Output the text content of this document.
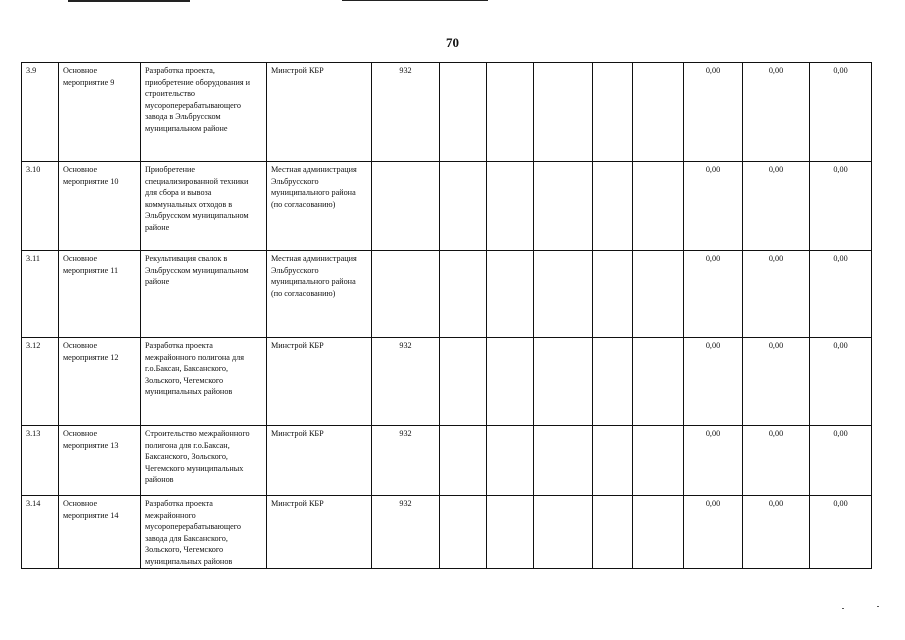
70
3.9	Основное мероприятие 9	Разработка проекта, приобретение оборудования и строительство мусороперерабатывающего завода в Эльбрусском муниципальном районе	Минстрой КБР	932						0,00	0,00	0,00
3.10	Основное мероприятие 10	Приобретение специализированной техники для сбора и вывоза коммунальных отходов в Эльбрусском муниципальном районе	Местная администрация Эльбрусского муниципального района (по согласованию)							0,00	0,00	0,00
3.11	Основное мероприятие 11	Рекультивация свалок в Эльбрусском муниципальном районе	Местная администрация Эльбрусского муниципального района (по согласованию)							0,00	0,00	0,00
3.12	Основное мероприятие 12	Разработка проекта межрайонного полигона для г.о.Баксан, Баксанского, Зольского, Чегемского муниципальных районов	Минстрой КБР	932						0,00	0,00	0,00
3.13	Основное мероприятие 13	Строительство межрайонного полигона для г.о.Баксан, Баксанского, Зольского, Чегемского муниципальных районов	Минстрой КБР	932						0,00	0,00	0,00
3.14	Основное мероприятие 14	Разработка проекта межрайонного мусороперерабатывающего завода для Баксанского, Зольского, Чегемского муниципальных районов	Минстрой КБР	932						0,00	0,00	0,00
